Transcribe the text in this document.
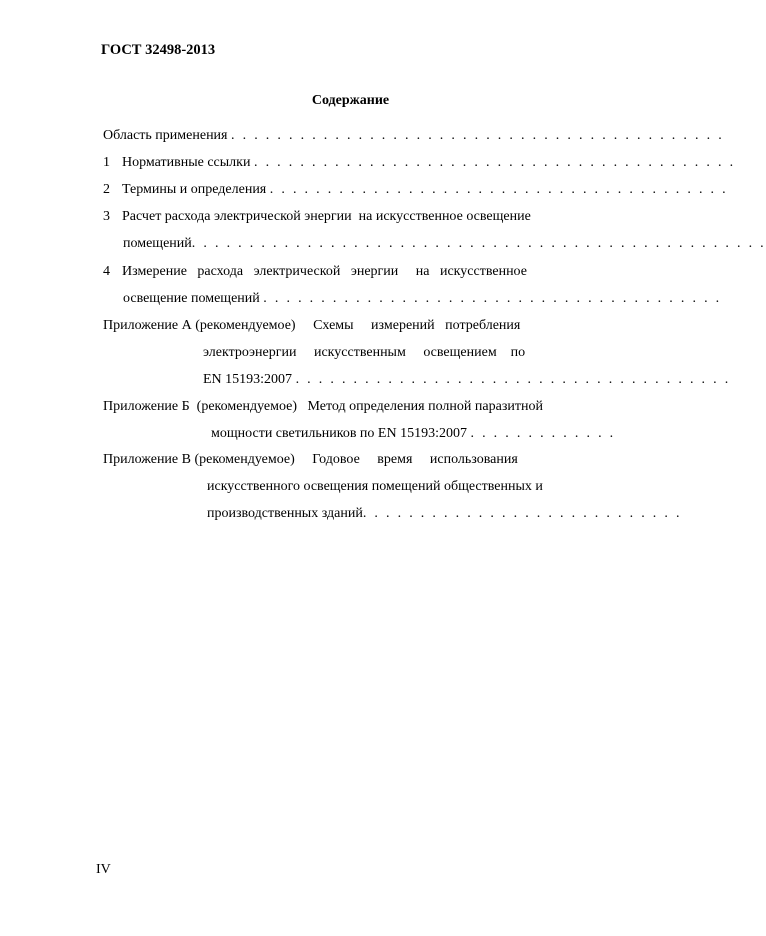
ГОСТ 32498-2013
Содержание
Область применения . . . . . . . . . . . . . . . . . . . . . . . . . . . . . . . . . . . . . . . . . . .
1 Нормативные ссылки . . . . . . . . . . . . . . . . . . . . . . . . . . . . . . . . . . . . . . . . . .
2 Термины и определения . . . . . . . . . . . . . . . . . . . . . . . . . . . . . . . . . . . . . . . .
3 Расчет расхода электрической энергии  на искусственное освещение
помещений. . . . . . . . . . . . . . . . . . . . . . . . . . . . . . . . . . . . . . . . . . . . . . . . . .
4 Измерение   расхода   электрической   энергии     на   искусственное
освещение помещений . . . . . . . . . . . . . . . . . . . . . . . . . . . . . . . . . . . . . . . .
Приложение А (рекомендуемое)     Схемы     измерений   потребления
электроэнергии     искусственным     освещением    по
EN 15193:2007 . . . . . . . . . . . . . . . . . . . . . . . . . . . . . . . . . . . . . .
Приложение Б  (рекомендуемое)   Метод определения полной паразитной
мощности светильников по EN 15193:2007 . . . . . . . . . . . . .
Приложение В (рекомендуемое)     Годовое     время     использования
искусственного освещения помещений общественных и
производственных зданий. . . . . . . . . . . . . . . . . . . . . . . . . . . .
IV
